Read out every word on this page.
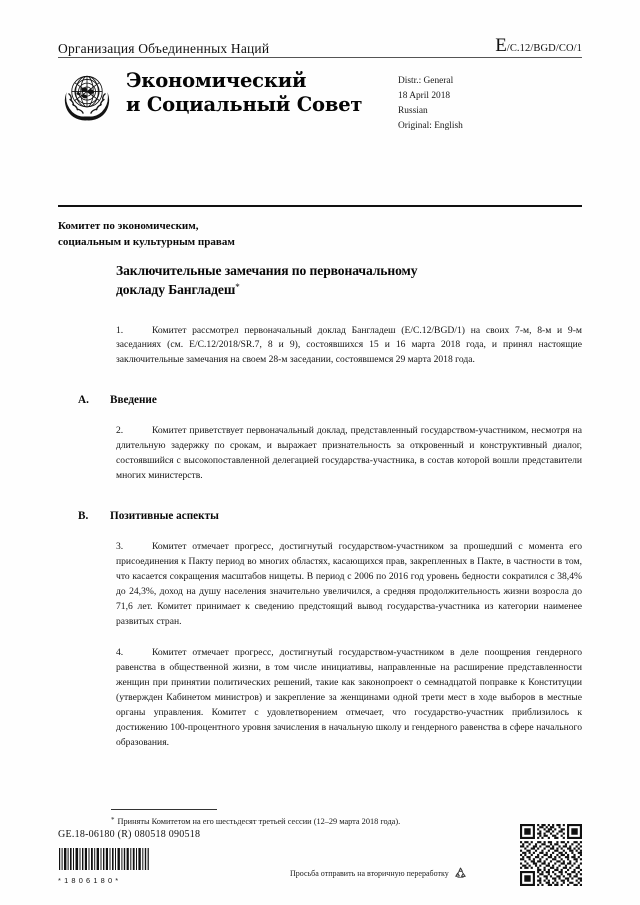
Организация Объединенных Наций	E/C.12/BGD/CO/1
Экономический
и Социальный Совет
Distr.: General
18 April 2018
Russian
Original: English
Комитет по экономическим,
социальным и культурным правам
Заключительные замечания по первоначальному
докладу Бангладеш*
1.	Комитет рассмотрел первоначальный доклад Бангладеш (E/C.12/BGD/1) на своих 7-м, 8-м и 9-м заседаниях (см. E/C.12/2018/SR.7, 8 и 9), состоявшихся 15 и 16 марта 2018 года, и принял настоящие заключительные замечания на своем 28-м заседании, состоявшемся 29 марта 2018 года.
A.	Введение
2.	Комитет приветствует первоначальный доклад, представленный государством-участником, несмотря на длительную задержку по срокам, и выражает признательность за откровенный и конструктивный диалог, состоявшийся с высокопоставленной делегацией государства-участника, в состав которой вошли представители многих министерств.
B.	Позитивные аспекты
3.	Комитет отмечает прогресс, достигнутый государством-участником за прошедший с момента его присоединения к Пакту период во многих областях, касающихся прав, закрепленных в Пакте, в частности в том, что касается сокращения масштабов нищеты. В период с 2006 по 2016 год уровень бедности сократился с 38,4% до 24,3%, доход на душу населения значительно увеличился, а средняя продолжительность жизни возросла до 71,6 лет. Комитет принимает к сведению предстоящий вывод государства-участника из категории наименее развитых стран.
4.	Комитет отмечает прогресс, достигнутый государством-участником в деле поощрения гендерного равенства в общественной жизни, в том числе инициативы, направленные на расширение представленности женщин при принятии политических решений, такие как законопроект о семнадцатой поправке к Конституции (утвержден Кабинетом министров) и закрепление за женщинами одной трети мест в ходе выборов в местные органы управления. Комитет с удовлетворением отмечает, что государство-участник приблизилось к достижению 100-процентного уровня зачисления в начальную школу и гендерного равенства в сфере начального образования.
* Приняты Комитетом на его шестьдесят третьей сессии (12–29 марта 2018 года).
GE.18-06180 (R) 080518 090518
*1806180*
Просьба отправить на вторичную переработку
